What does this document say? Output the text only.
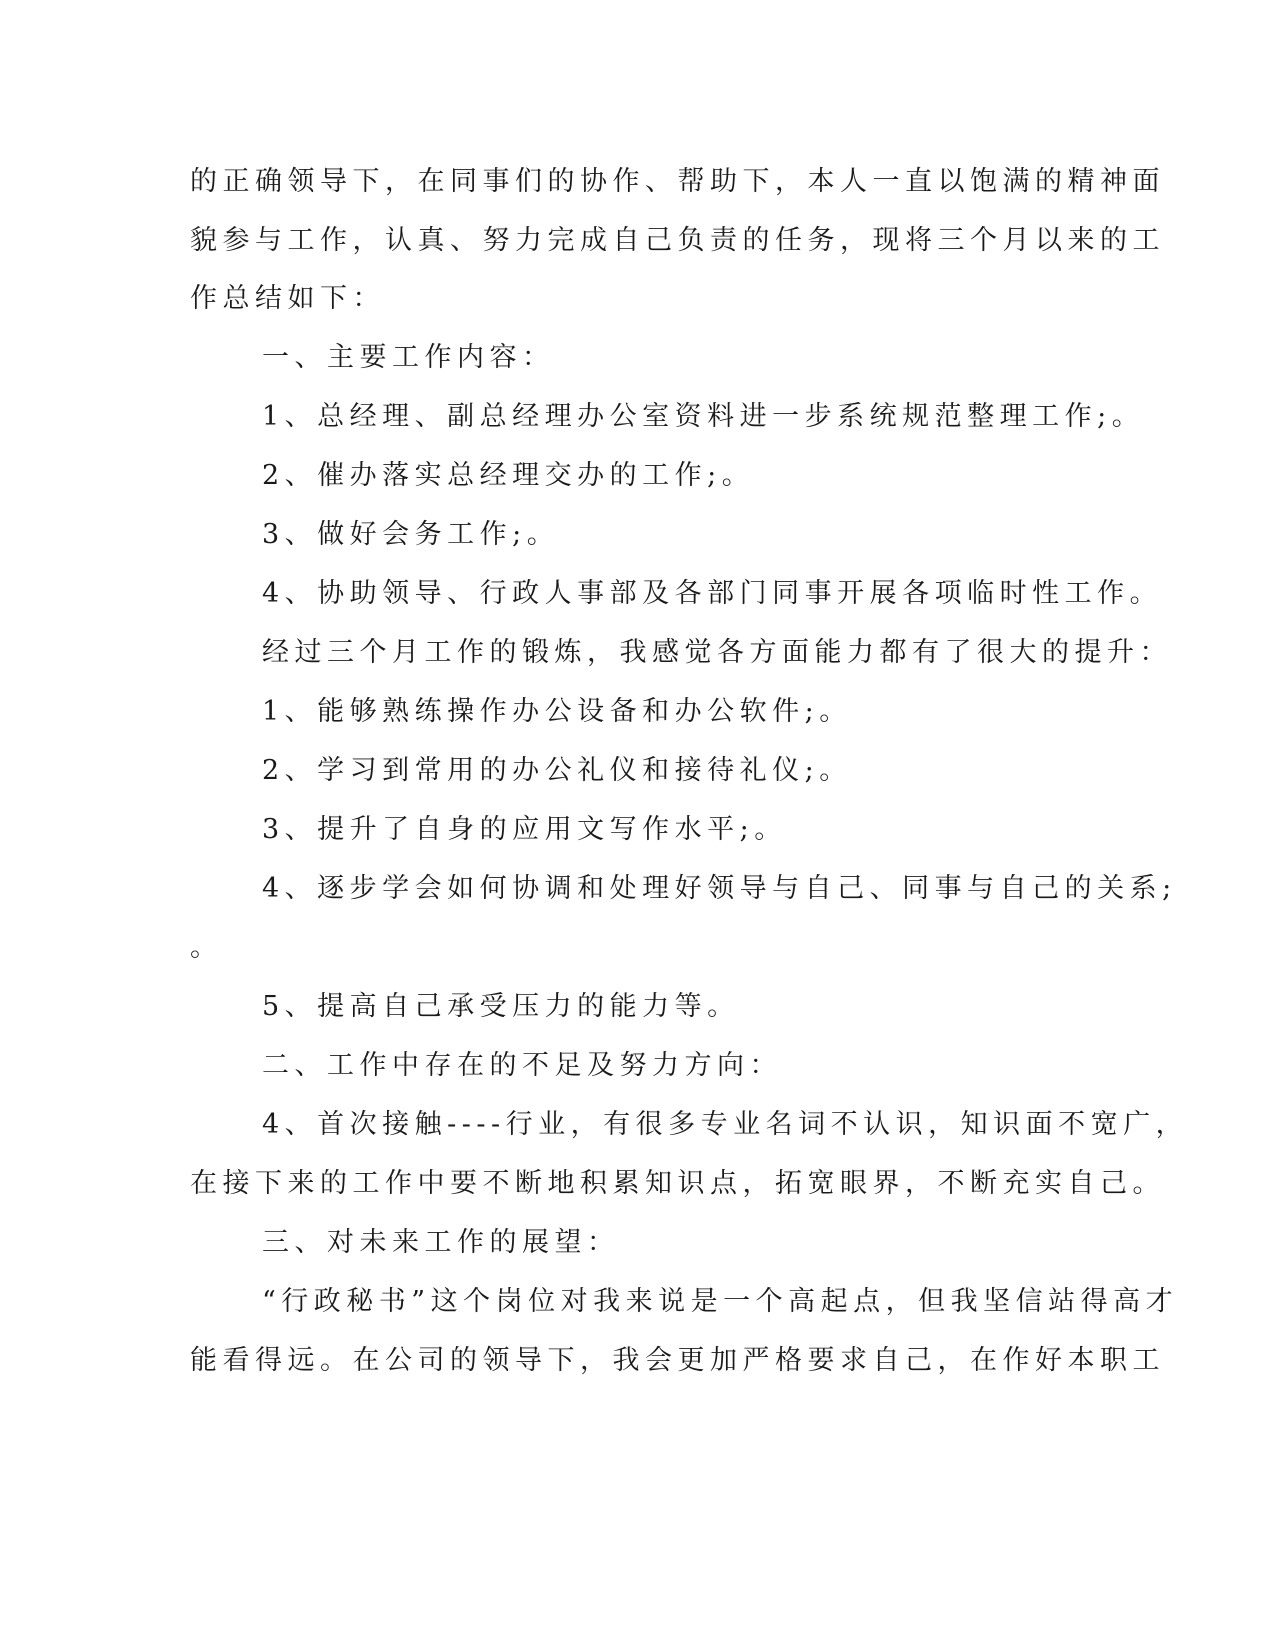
的正确领导下，在同事们的协作、帮助下，本人一直以饱满的精神面
貌参与工作，认真、努力完成自己负责的任务，现将三个月以来的工
作总结如下：
一、主要工作内容：
1、总经理、副总经理办公室资料进一步系统规范整理工作;。
2、催办落实总经理交办的工作;。
3、做好会务工作;。
4、协助领导、行政人事部及各部门同事开展各项临时性工作。
经过三个月工作的锻炼，我感觉各方面能力都有了很大的提升：
1、能够熟练操作办公设备和办公软件;。
2、学习到常用的办公礼仪和接待礼仪;。
3、提升了自身的应用文写作水平;。
4、逐步学会如何协调和处理好领导与自己、同事与自己的关系;
。
5、提高自己承受压力的能力等。
二、工作中存在的不足及努力方向：
4、首次接触----行业，有很多专业名词不认识，知识面不宽广，
在接下来的工作中要不断地积累知识点，拓宽眼界，不断充实自己。
三、对未来工作的展望：
“行政秘书”这个岗位对我来说是一个高起点，但我坚信站得高才
能看得远。在公司的领导下，我会更加严格要求自己，在作好本职工
